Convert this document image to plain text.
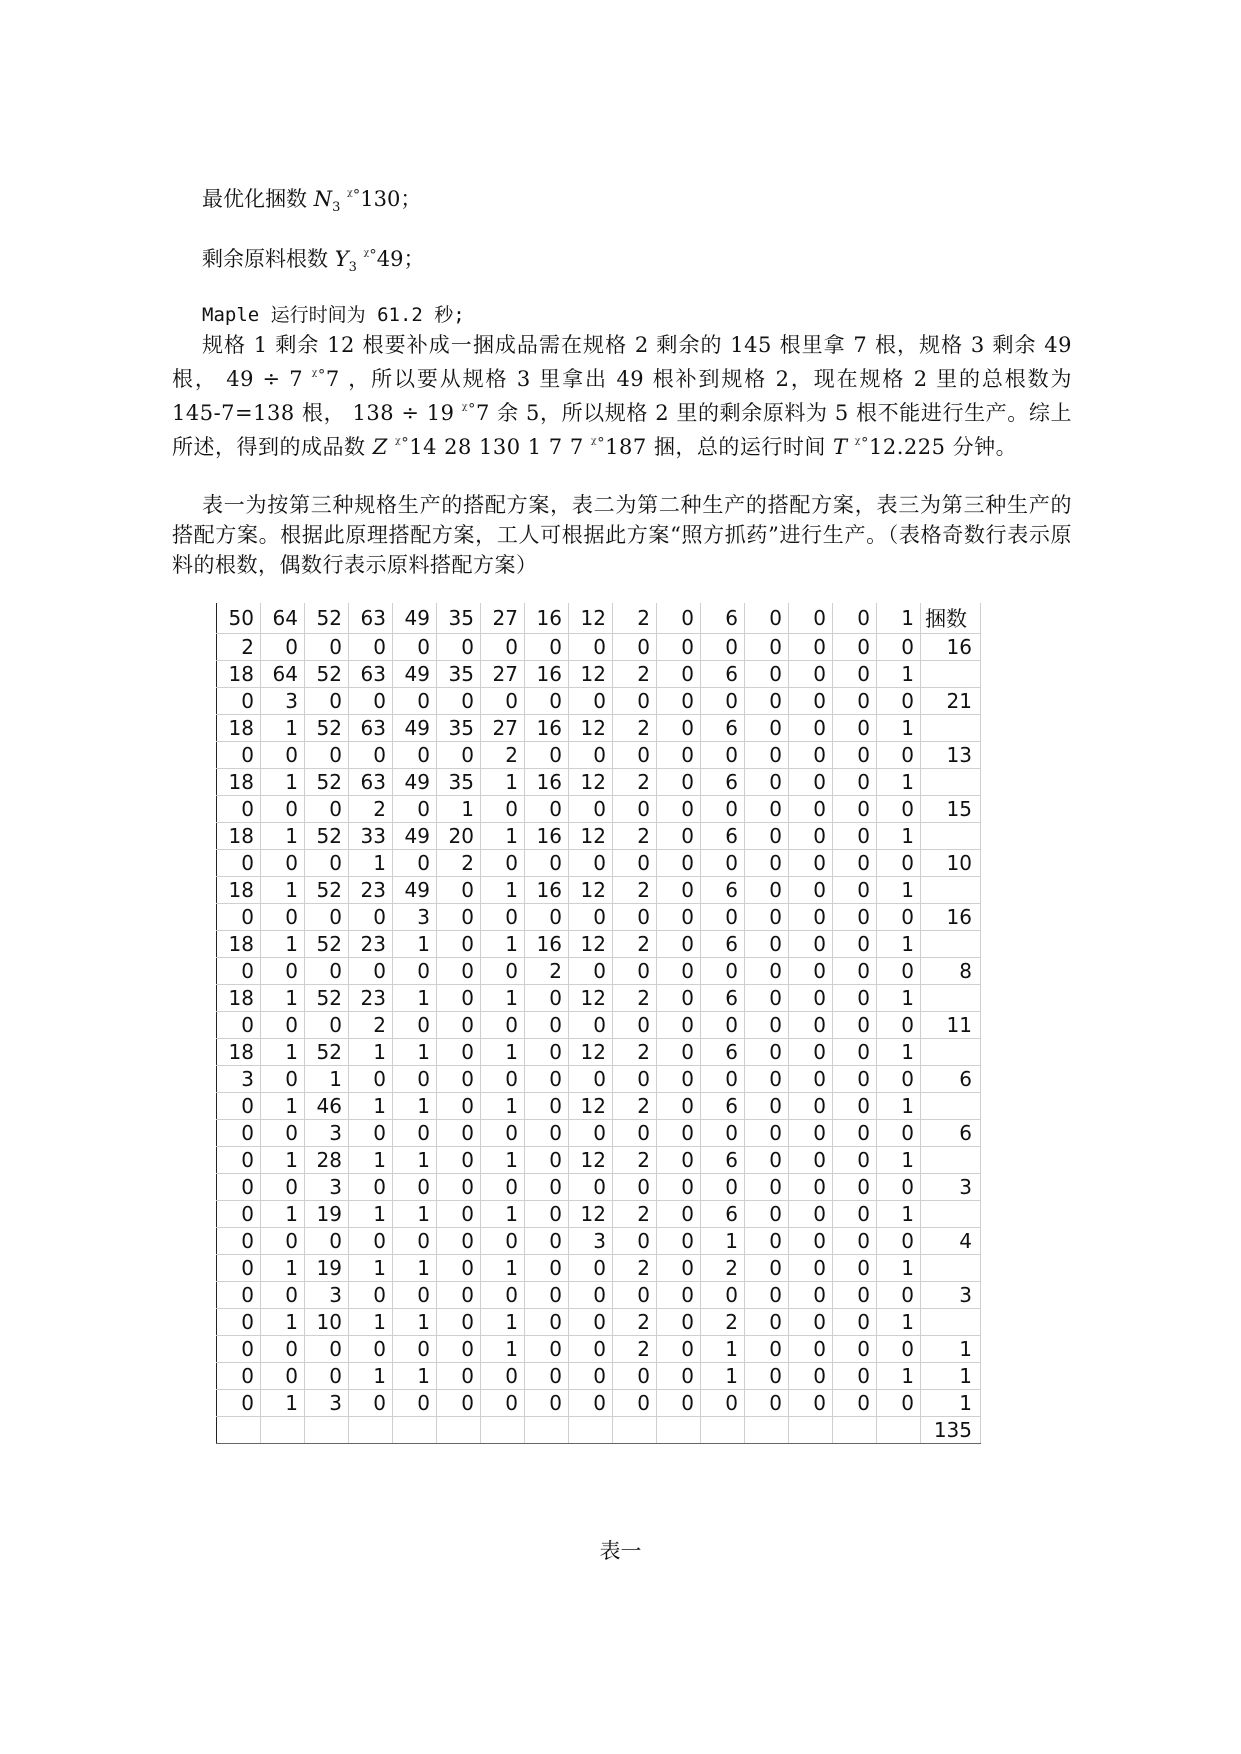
最优化捆数 $N_3$ $^{ᵡ^\circ}$130；
剩余原料根数 $Y_3$ $^{ᵡ^\circ}$49；
Maple 运行时间为 61.2 秒;
规格 1 剩余 12 根要补成一捆成品需在规格 2 剩余的 145 根里拿 7 根，规格 3 剩余 49 根， 49 ÷ 7 $^{ᵡ^\circ}$7 ，所以要从规格 3 里拿出 49 根补到规格 2，现在规格 2 里的总根数为 145-7=138 根， 138 ÷ 19 $^{ᵡ^\circ}$7 余 5，所以规格 2 里的剩余原料为 5 根不能进行生产。综上所述，得到的成品数 Z $^{ᵡ^\circ}$14 28 130 1 7 7 $^{ᵡ^\circ}$187 捆，总的运行时间 T $^{ᵡ^\circ}$12.225 分钟。
表一为按第三种规格生产的搭配方案，表二为第二种生产的搭配方案，表三为第三种生产的搭配方案。根据此原理搭配方案，工人可根据此方案“照方抓药”进行生产。（表格奇数行表示原料的根数，偶数行表示原料搭配方案）
50	64	52	63	49	35	27	16	12	2	0	6	0	0	0	1	捆数
2	0	0	0	0	0	0	0	0	0	0	0	0	0	0	0	16
18	64	52	63	49	35	27	16	12	2	0	6	0	0	0	1	
0	3	0	0	0	0	0	0	0	0	0	0	0	0	0	0	21
18	1	52	63	49	35	27	16	12	2	0	6	0	0	0	1	
0	0	0	0	0	0	2	0	0	0	0	0	0	0	0	0	13
18	1	52	63	49	35	1	16	12	2	0	6	0	0	0	1	
0	0	0	2	0	1	0	0	0	0	0	0	0	0	0	0	15
18	1	52	33	49	20	1	16	12	2	0	6	0	0	0	1	
0	0	0	1	0	2	0	0	0	0	0	0	0	0	0	0	10
18	1	52	23	49	0	1	16	12	2	0	6	0	0	0	1	
0	0	0	0	3	0	0	0	0	0	0	0	0	0	0	0	16
18	1	52	23	1	0	1	16	12	2	0	6	0	0	0	1	
0	0	0	0	0	0	0	2	0	0	0	0	0	0	0	0	8
18	1	52	23	1	0	1	0	12	2	0	6	0	0	0	1	
0	0	0	2	0	0	0	0	0	0	0	0	0	0	0	0	11
18	1	52	1	1	0	1	0	12	2	0	6	0	0	0	1	
3	0	1	0	0	0	0	0	0	0	0	0	0	0	0	0	6
0	1	46	1	1	0	1	0	12	2	0	6	0	0	0	1	
0	0	3	0	0	0	0	0	0	0	0	0	0	0	0	0	6
0	1	28	1	1	0	1	0	12	2	0	6	0	0	0	1	
0	0	3	0	0	0	0	0	0	0	0	0	0	0	0	0	3
0	1	19	1	1	0	1	0	12	2	0	6	0	0	0	1	
0	0	0	0	0	0	0	0	3	0	0	1	0	0	0	0	4
0	1	19	1	1	0	1	0	0	2	0	2	0	0	0	1	
0	0	3	0	0	0	0	0	0	0	0	0	0	0	0	0	3
0	1	10	1	1	0	1	0	0	2	0	2	0	0	0	1	
0	0	0	0	0	0	1	0	0	2	0	1	0	0	0	0	1
0	0	0	1	1	0	0	0	0	0	0	1	0	0	0	1	1
0	1	3	0	0	0	0	0	0	0	0	0	0	0	0	0	1
																135
表一
